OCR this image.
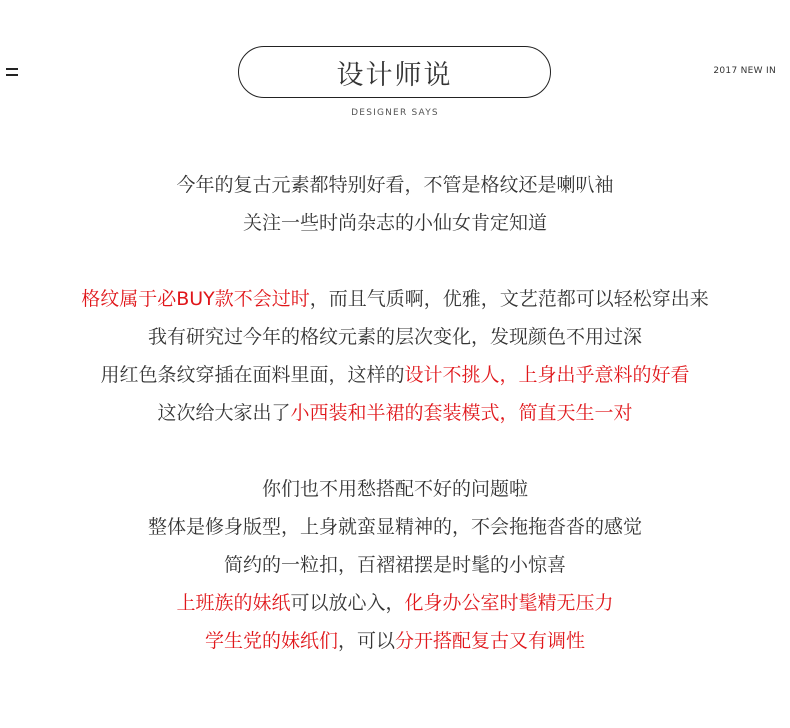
2017 NEW IN
设计师说
DESIGNER SAYS
今年的复古元素都特别好看，不管是格纹还是喇叭袖
关注一些时尚杂志的小仙女肯定知道
格纹属于必BUY款不会过时，而且气质啊，优雅，文艺范都可以轻松穿出来
我有研究过今年的格纹元素的层次变化，发现颜色不用过深
用红色条纹穿插在面料里面，这样的设计不挑人，上身出乎意料的好看
这次给大家出了小西装和半裙的套装模式，简直天生一对
你们也不用愁搭配不好的问题啦
整体是修身版型，上身就蛮显精神的，不会拖拖沓沓的感觉
简约的一粒扣，百褶裙摆是时髦的小惊喜
上班族的妹纸可以放心入，化身办公室时髦精无压力
学生党的妹纸们，可以分开搭配复古又有调性
